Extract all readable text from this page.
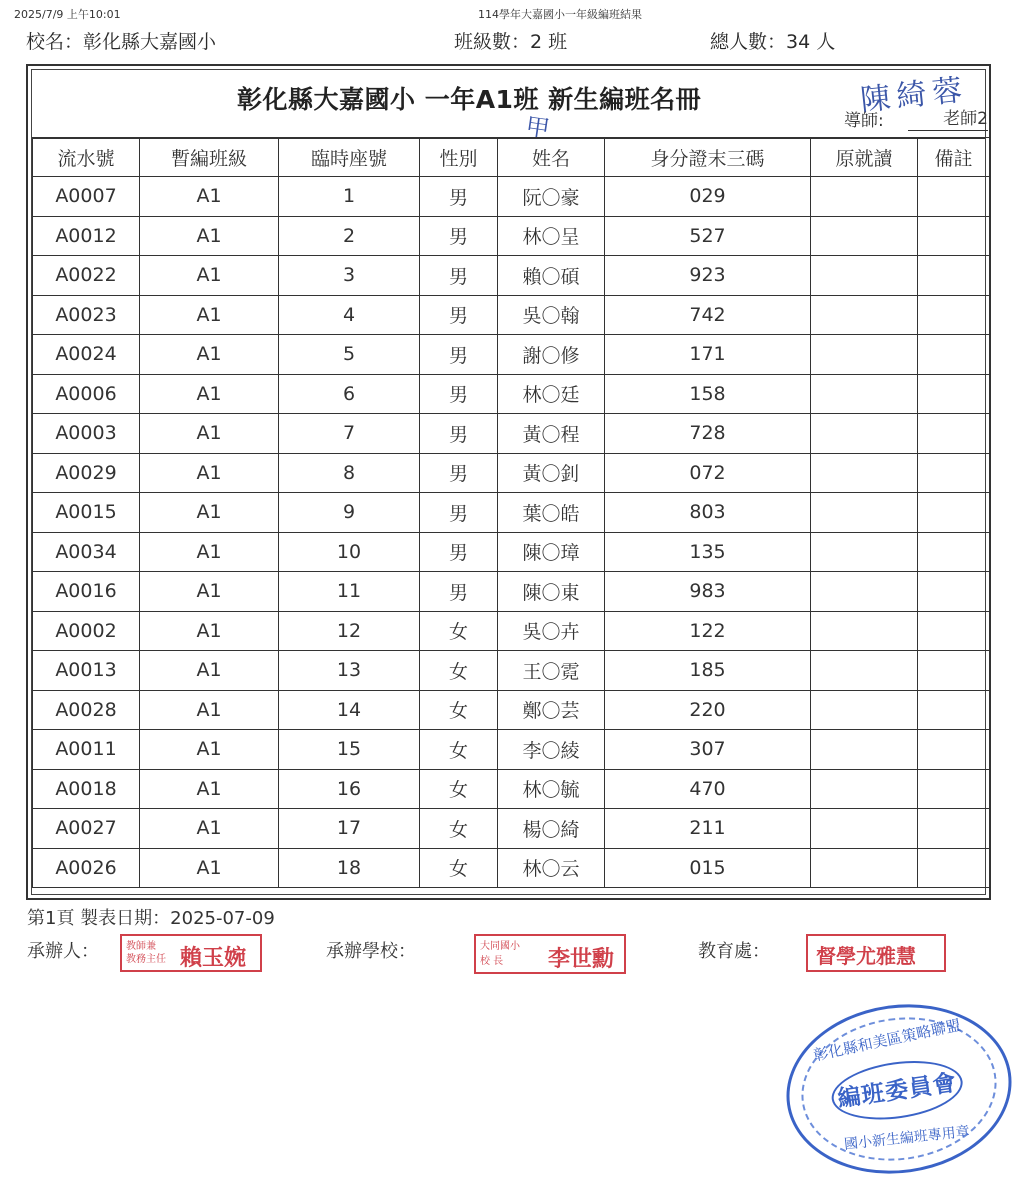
2025/7/9 上午10:01	114學年大嘉國小一年級編班結果
校名：彰化縣大嘉國小	班級數：2 班	總人數：34 人
彰化縣大嘉國小 一年A1班 新生編班名冊
甲
陳綺蓉
導師:	老師2
流水號	暫編班級	臨時座號	性別	姓名	身分證末三碼	原就讀	備註
A0007	A1	1	男	阮〇豪	029		
A0012	A1	2	男	林〇呈	527		
A0022	A1	3	男	賴〇碩	923		
A0023	A1	4	男	吳〇翰	742		
A0024	A1	5	男	謝〇修	171		
A0006	A1	6	男	林〇廷	158		
A0003	A1	7	男	黃〇程	728		
A0029	A1	8	男	黃〇釗	072		
A0015	A1	9	男	葉〇皓	803		
A0034	A1	10	男	陳〇璋	135		
A0016	A1	11	男	陳〇東	983		
A0002	A1	12	女	吳〇卉	122		
A0013	A1	13	女	王〇霓	185		
A0028	A1	14	女	鄭〇芸	220		
A0011	A1	15	女	李〇綾	307		
A0018	A1	16	女	林〇毓	470		
A0027	A1	17	女	楊〇綺	211		
A0026	A1	18	女	林〇云	015		
第1頁 製表日期：2025-07-09
承辦人：	教師兼
教務主任 賴玉婉	承辦學校：	大同國小
校 長 李世勳	教育處： 督學尤雅慧
彰化縣和美區策略聯盟
編班委員會
國小新生編班專用章
